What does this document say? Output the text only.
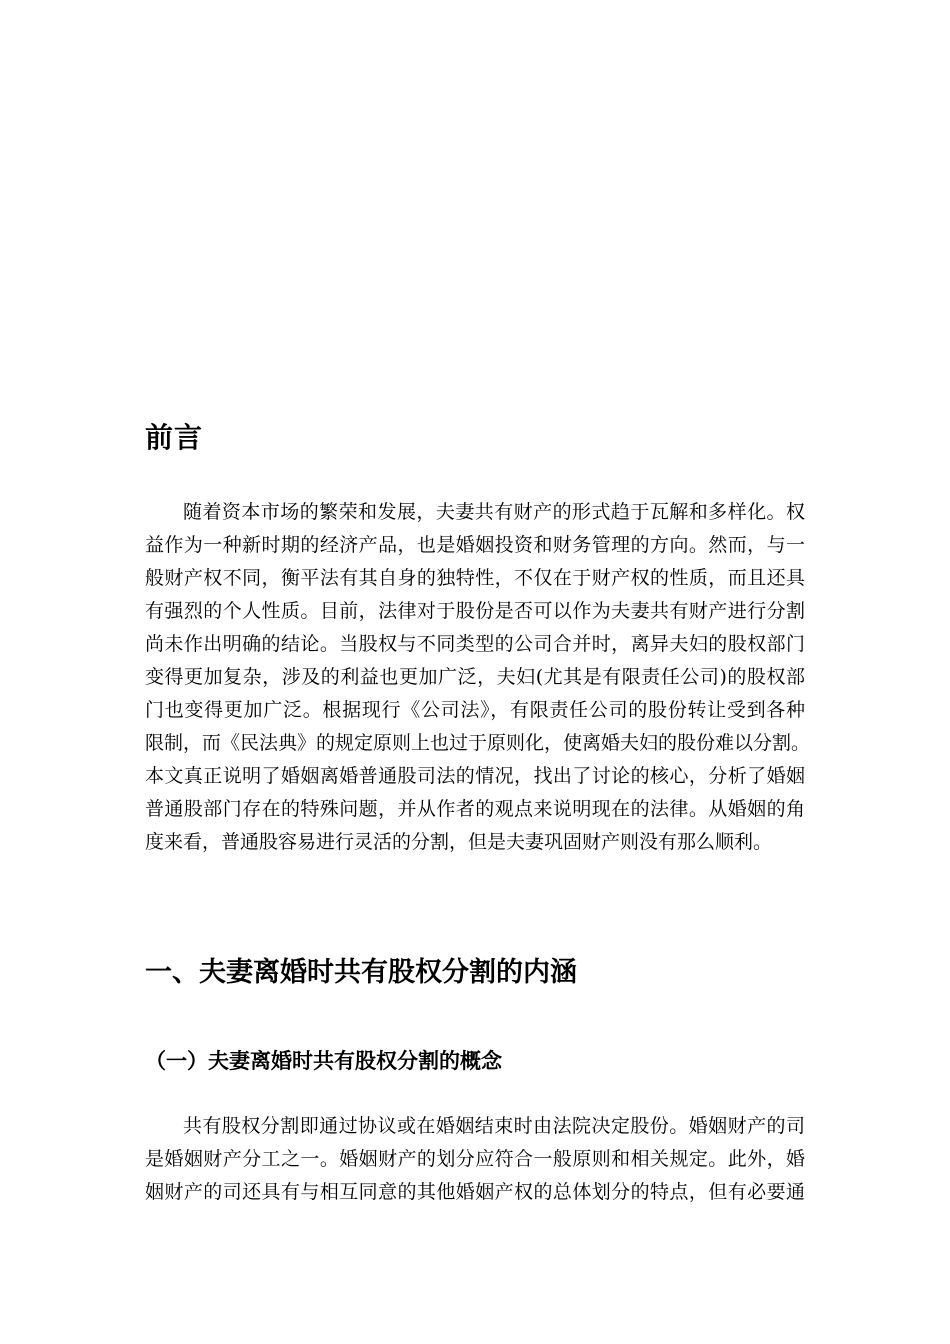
前言
随着资本市场的繁荣和发展，夫妻共有财产的形式趋于瓦解和多样化。权
益作为一种新时期的经济产品，也是婚姻投资和财务管理的方向。然而，与一
般财产权不同，衡平法有其自身的独特性，不仅在于财产权的性质，而且还具
有强烈的个人性质。目前，法律对于股份是否可以作为夫妻共有财产进行分割
尚未作出明确的结论。当股权与不同类型的公司合并时，离异夫妇的股权部门
变得更加复杂，涉及的利益也更加广泛，夫妇(尤其是有限责任公司)的股权部
门也变得更加广泛。根据现行《公司法》，有限责任公司的股份转让受到各种
限制，而《民法典》的规定原则上也过于原则化，使离婚夫妇的股份难以分割。
本文真正说明了婚姻离婚普通股司法的情况，找出了讨论的核心，分析了婚姻
普通股部门存在的特殊问题，并从作者的观点来说明现在的法律。从婚姻的角
度来看，普通股容易进行灵活的分割，但是夫妻巩固财产则没有那么顺利。
一、夫妻离婚时共有股权分割的内涵
（一）夫妻离婚时共有股权分割的概念
共有股权分割即通过协议或在婚姻结束时由法院决定股份。婚姻财产的司
是婚姻财产分工之一。婚姻财产的划分应符合一般原则和相关规定。此外，婚
姻财产的司还具有与相互同意的其他婚姻产权的总体划分的特点，但有必要通
